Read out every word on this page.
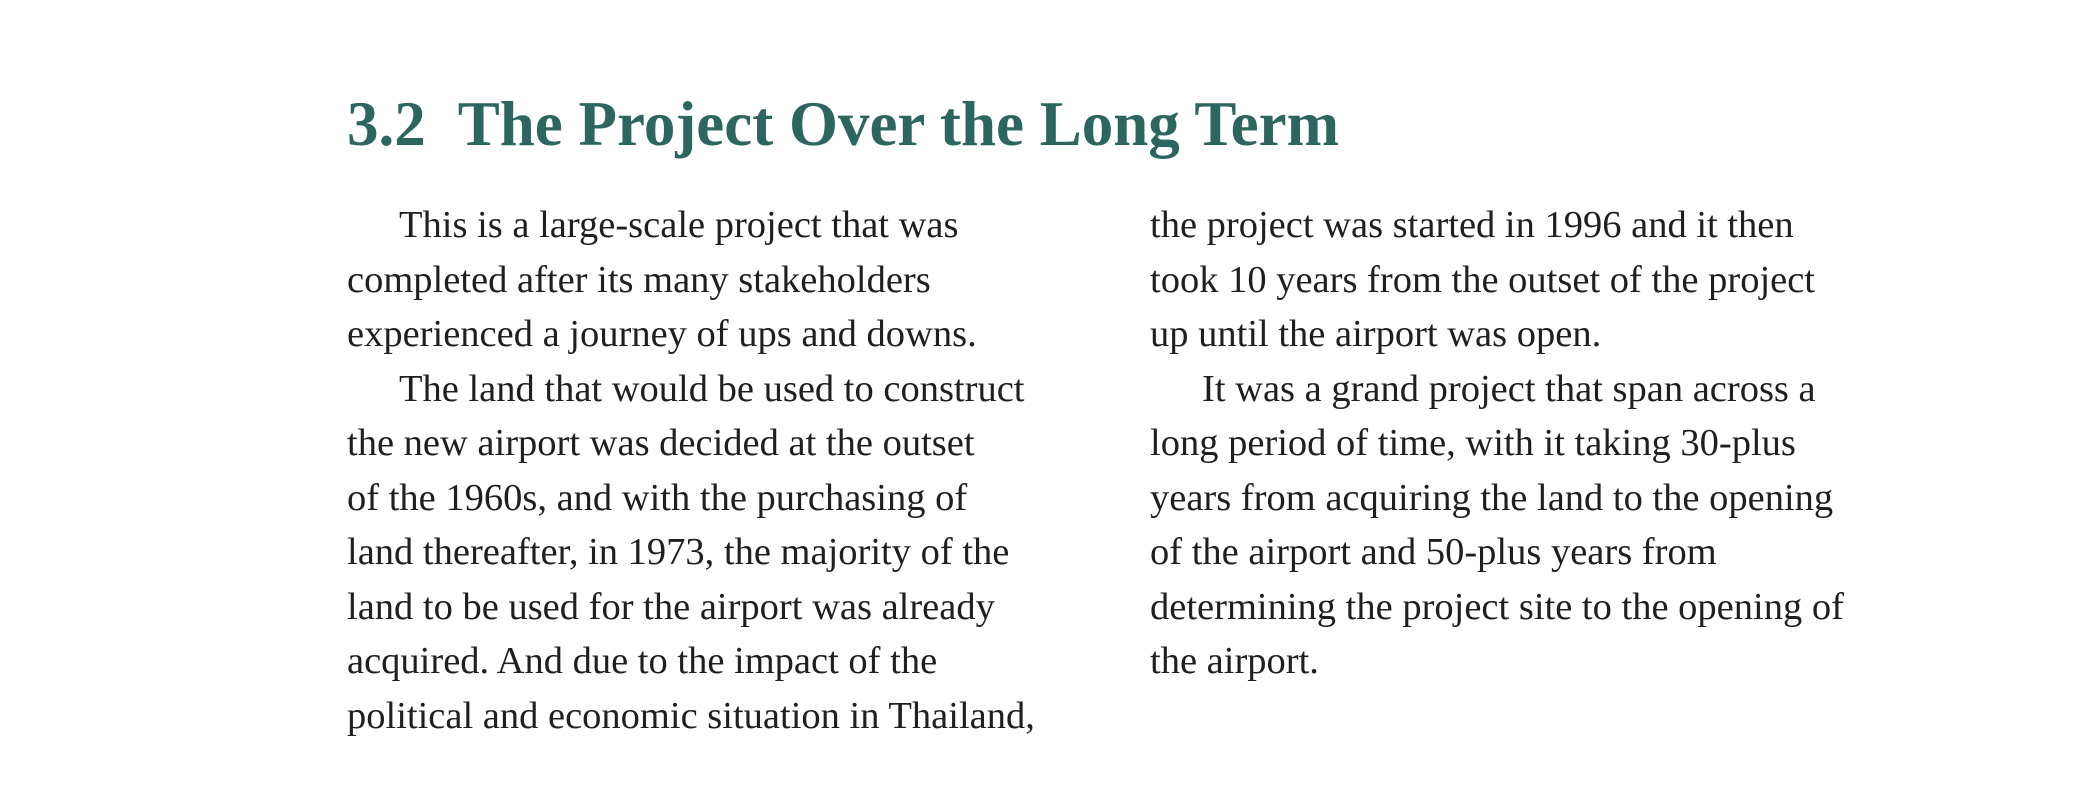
3.2 The Project Over the Long Term
This is a large-scale project that was
completed after its many stakeholders
experienced a journey of ups and downs.
The land that would be used to construct
the new airport was decided at the outset
of the 1960s, and with the purchasing of
land thereafter, in 1973, the majority of the
land to be used for the airport was already
acquired. And due to the impact of the
political and economic situation in Thailand,
the project was started in 1996 and it then
took 10 years from the outset of the project
up until the airport was open.
It was a grand project that span across a
long period of time, with it taking 30-plus
years from acquiring the land to the opening
of the airport and 50-plus years from
determining the project site to the opening of
the airport.
